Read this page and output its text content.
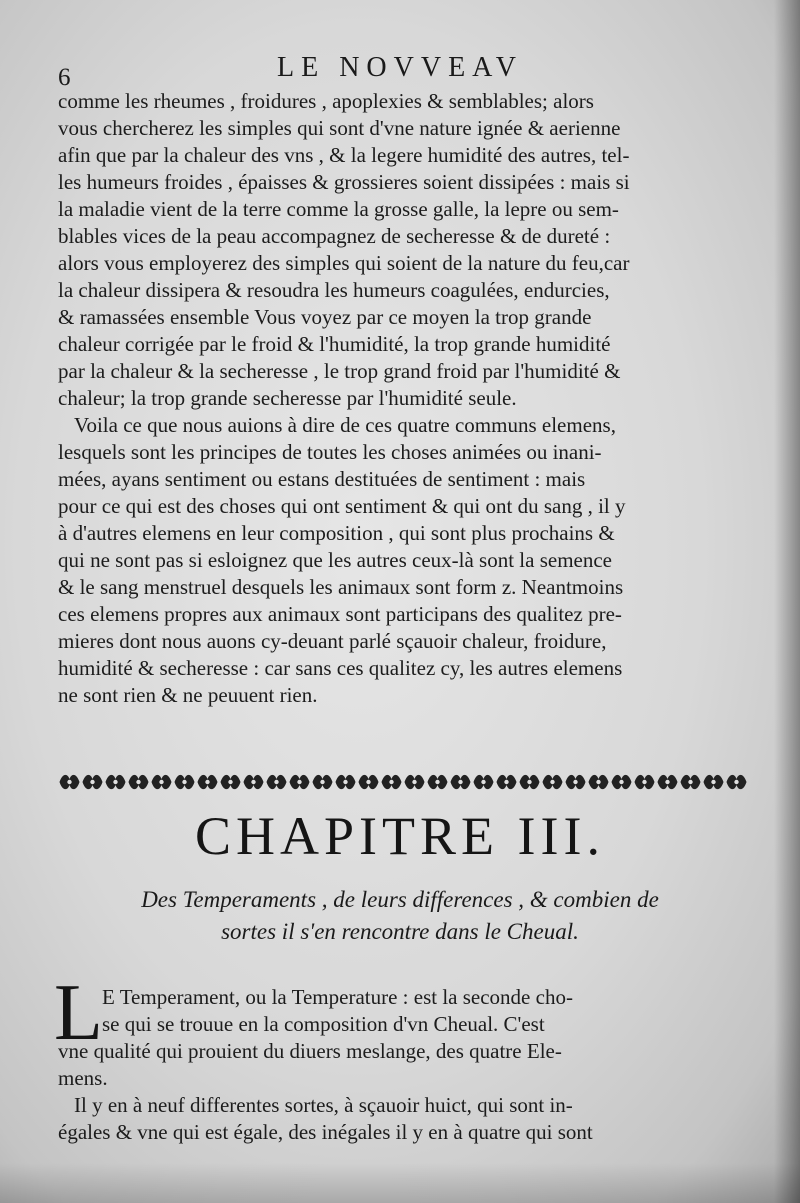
6	LE NOVVEAV
comme les rheumes , froidures , apoplexies & semblables; alors
vous chercherez les simples qui sont d'vne nature ignée & aerienne
afin que par la chaleur des vns , & la legere humidité des autres, tel-
les humeurs froides , épaisses & grossieres soient dissipées : mais si
la maladie vient de la terre comme la grosse galle, la lepre ou sem-
blables vices de la peau accompagnez de secheresse & de dureté :
alors vous employerez des simples qui soient de la nature du feu,car
la chaleur dissipera & resoudra les humeurs coagulées, endurcies,
& ramassées ensemble Vous voyez par ce moyen la trop grande
chaleur corrigée par le froid & l'humidité, la trop grande humidité
par la chaleur & la secheresse , le trop grand froid par l'humidité &
chaleur; la trop grande secheresse par l'humidité seule.
Voila ce que nous auions à dire de ces quatre communs elemens,
lesquels sont les principes de toutes les choses animées ou inani-
mées, ayans sentiment ou estans destituées de sentiment : mais
pour ce qui est des choses qui ont sentiment & qui ont du sang , il y
à d'autres elemens en leur composition , qui sont plus prochains &
qui ne sont pas si esloignez que les autres ceux-là sont la semence
& le sang menstruel desquels les animaux sont form z. Neantmoins
ces elemens propres aux animaux sont participans des qualitez pre-
mieres dont nous auons cy-deuant parlé sçauoir chaleur, froidure,
humidité & secheresse : car sans ces qualitez cy, les autres elemens
ne sont rien & ne peuuent rien.
CHAPITRE III.
Des Temperaments , de leurs differences , & combien de
sortes il s'en rencontre dans le Cheual.
L E Temperament, ou la Temperature : est la seconde cho-
se qui se trouue en la composition d'vn Cheual. C'est
vne qualité qui prouient du diuers meslange, des quatre Ele-
mens.
Il y en à neuf differentes sortes, à sçauoir huict, qui sont in-
égales & vne qui est égale, des inégales il y en à quatre qui sont
